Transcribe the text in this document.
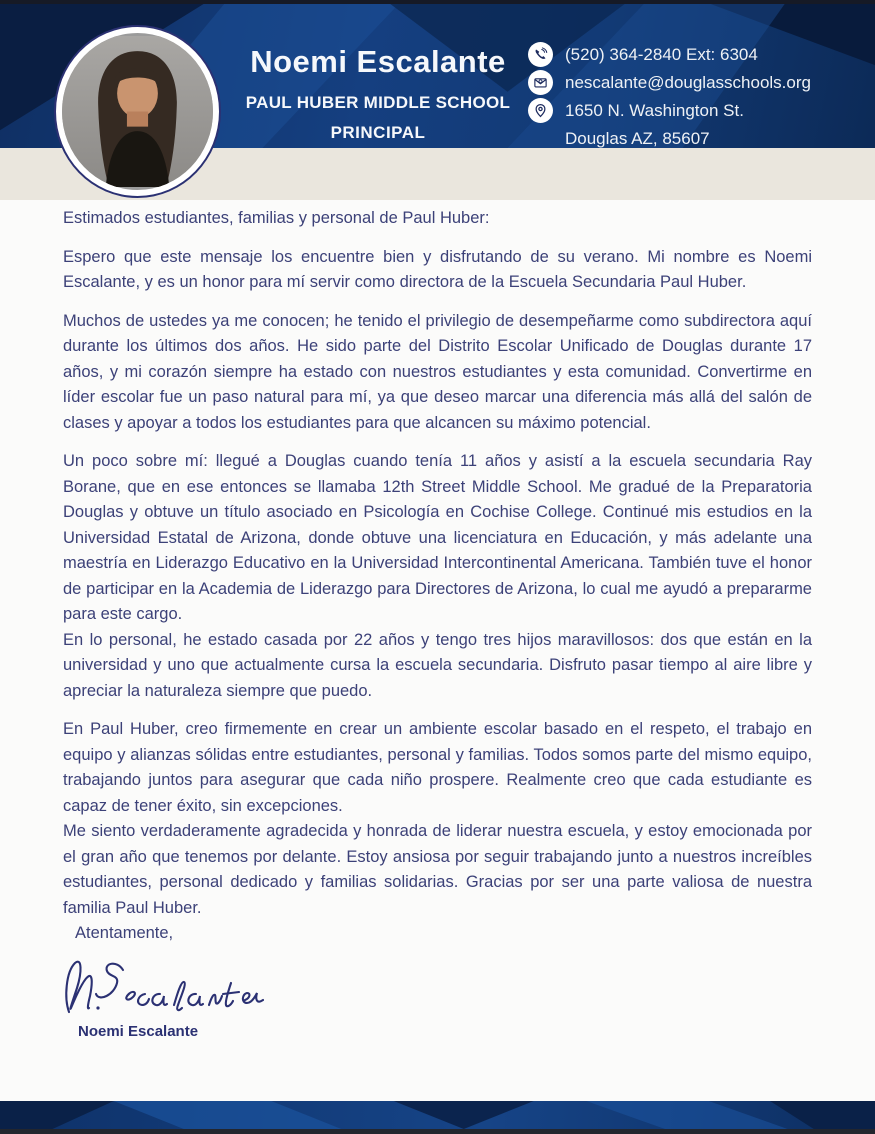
Noemi Escalante
PAUL HUBER MIDDLE SCHOOL
PRINCIPAL
(520) 364-2840 Ext: 6304
nescalante@douglasschools.org
1650 N. Washington St.
Douglas AZ, 85607

Estimados estudiantes, familias y personal de Paul Huber:

Espero que este mensaje los encuentre bien y disfrutando de su verano. Mi nombre es Noemi Escalante, y es un honor para mí servir como directora de la Escuela Secundaria Paul Huber.

Muchos de ustedes ya me conocen; he tenido el privilegio de desempeñarme como subdirectora aquí durante los últimos dos años. He sido parte del Distrito Escolar Unificado de Douglas durante 17 años, y mi corazón siempre ha estado con nuestros estudiantes y esta comunidad. Convertirme en líder escolar fue un paso natural para mí, ya que deseo marcar una diferencia más allá del salón de clases y apoyar a todos los estudiantes para que alcancen su máximo potencial.

Un poco sobre mí: llegué a Douglas cuando tenía 11 años y asistí a la escuela secundaria Ray Borane, que en ese entonces se llamaba 12th Street Middle School. Me gradué de la Preparatoria Douglas y obtuve un título asociado en Psicología en Cochise College. Continué mis estudios en la Universidad Estatal de Arizona, donde obtuve una licenciatura en Educación, y más adelante una maestría en Liderazgo Educativo en la Universidad Intercontinental Americana. También tuve el honor de participar en la Academia de Liderazgo para Directores de Arizona, lo cual me ayudó a prepararme para este cargo.

En lo personal, he estado casada por 22 años y tengo tres hijos maravillosos: dos que están en la universidad y uno que actualmente cursa la escuela secundaria. Disfruto pasar tiempo al aire libre y apreciar la naturaleza siempre que puedo.

En Paul Huber, creo firmemente en crear un ambiente escolar basado en el respeto, el trabajo en equipo y alianzas sólidas entre estudiantes, personal y familias. Todos somos parte del mismo equipo, trabajando juntos para asegurar que cada niño prospere. Realmente creo que cada estudiante es capaz de tener éxito, sin excepciones.

Me siento verdaderamente agradecida y honrada de liderar nuestra escuela, y estoy emocionada por el gran año que tenemos por delante. Estoy ansiosa por seguir trabajando junto a nuestros increíbles estudiantes, personal dedicado y familias solidarias. Gracias por ser una parte valiosa de nuestra familia Paul Huber.

Atentamente,

Noemi Escalante
